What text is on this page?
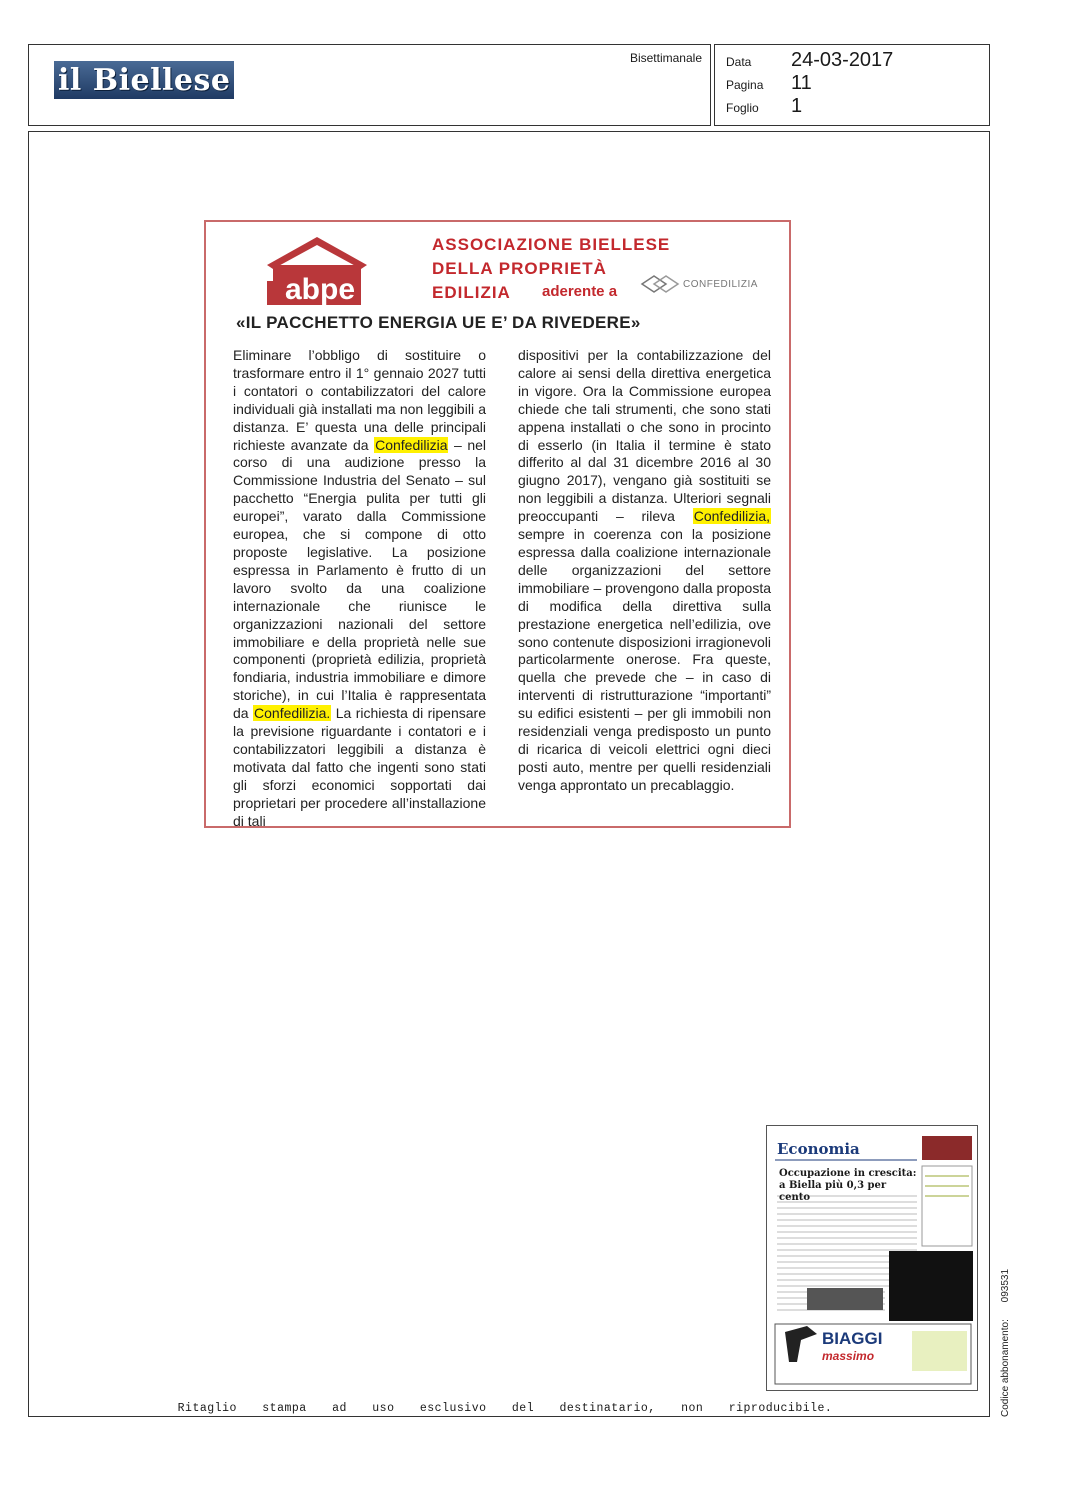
il Biellese
Bisettimanale Data	24-03-2017
Pagina	11
Foglio	1
abpe
ASSOCIAZIONE BIELLESE
DELLA PROPRIETÀ
EDILIZIA	aderente a	CONFEDILIZIA
«IL PACCHETTO ENERGIA UE E’ DA RIVEDERE»
Eliminare l’obbligo di sostituire o trasformare entro il 1° gennaio 2027 tutti i contatori o contabilizzatori del calore individuali già installati ma non leggibili a distanza. E’ questa una delle principali richieste avanzate da Confedilizia – nel corso di una audizione presso la Commissione Industria del Senato – sul pacchetto “Energia pulita per tutti gli europei”, varato dalla Commissione europea, che si compone di otto proposte legislative. La posizione espressa in Parlamento è frutto di un lavoro svolto da una coalizione internazionale che riunisce le organizzazioni nazionali del settore immobiliare e della proprietà nelle sue componenti (proprietà edilizia, proprietà fondiaria, industria immobiliare e dimore storiche), in cui l’Italia è rappresentata da Confedilizia. La richiesta di ripensare la previsione riguardante i contatori e i contabilizzatori leggibili a distanza è motivata dal fatto che ingenti sono stati gli sforzi economici sopportati dai proprietari per procedere all’installazione di tali
dispositivi per la contabilizzazione del calore ai sensi della direttiva energetica in vigore. Ora la Commissione europea chiede che tali strumenti, che sono stati appena installati o che sono in procinto di esserlo (in Italia il termine è stato differito al dal 31 dicembre 2016 al 30 giugno 2017), vengano già sostituiti se non leggibili a distanza. Ulteriori segnali preoccupanti – rileva Confedilizia, sempre in coerenza con la posizione espressa dalla coalizione internazionale delle organizzazioni del settore immobiliare – provengono dalla proposta di modifica della direttiva sulla prestazione energetica nell’edilizia, ove sono contenute disposizioni irragionevoli particolarmente onerose. Fra queste, quella che prevede che – in caso di interventi di ristrutturazione “importanti” su edifici esistenti – per gli immobili non residenziali venga predisposto un punto di ricarica di veicoli elettrici ogni dieci posti auto, mentre per quelli residenziali venga approntato un precablaggio.
Economia
Occupazione in crescita: a Biella più 0,3 per cento
BIAGGI
massimo
Ritaglio stampa ad uso esclusivo del destinatario, non riproducibile.	Codice abbonamento: 093531
